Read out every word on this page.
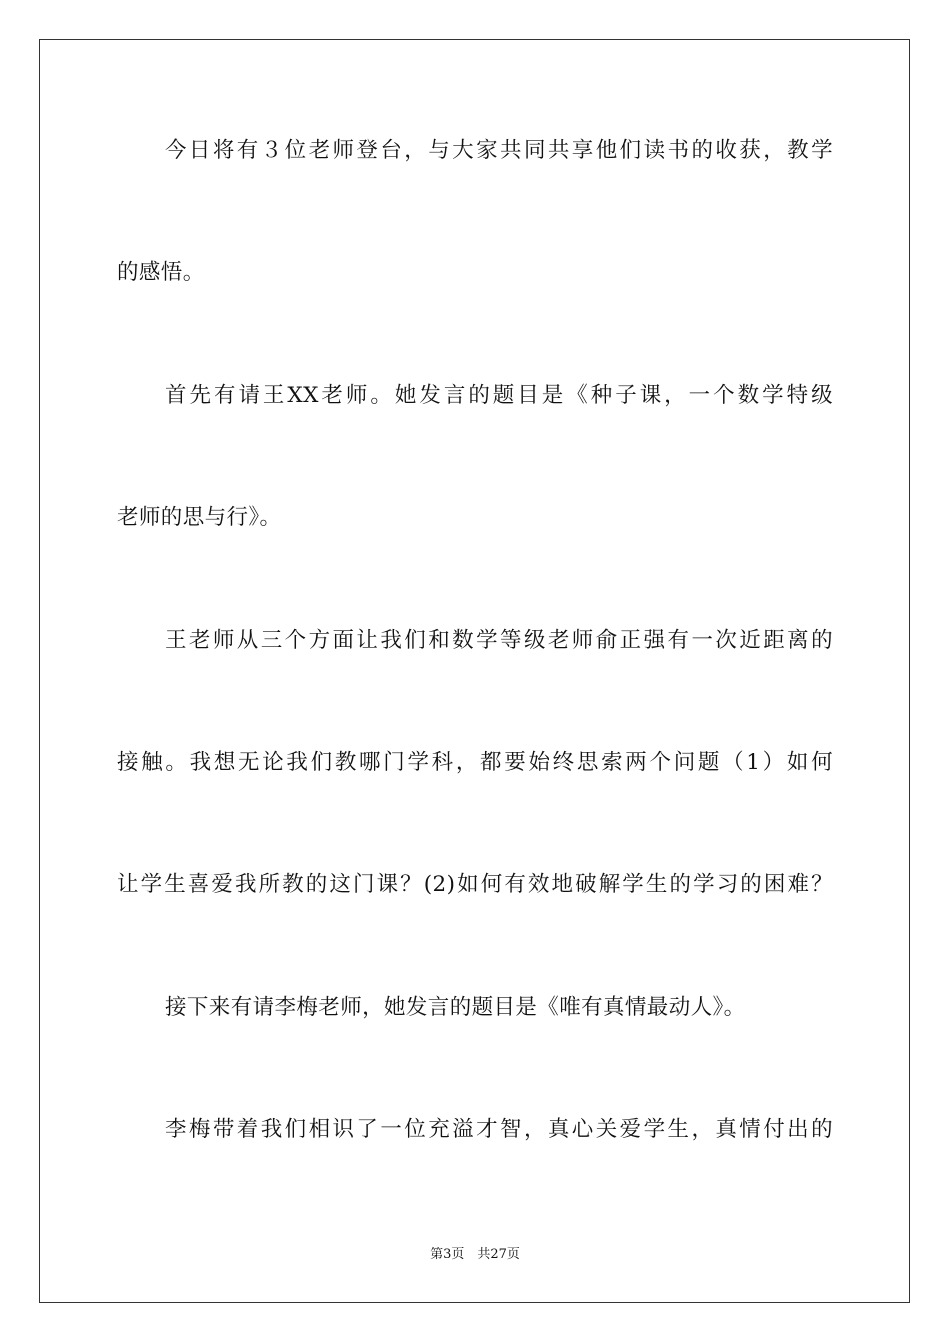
今日将有３位老师登台，与大家共同共享他们读书的收获，教学
的感悟。
首先有请王XX老师。她发言的题目是《种子课，一个数学特级
老师的思与行》。
王老师从三个方面让我们和数学等级老师俞正强有一次近距离的
接触。我想无论我们教哪门学科，都要始终思索两个问题（1）如何
让学生喜爱我所教的这门课？(2)如何有效地破解学生的学习的困难？
接下来有请李梅老师，她发言的题目是《唯有真情最动人》。
李梅带着我们相识了一位充溢才智，真心关爱学生，真情付出的
第3页　共27页
